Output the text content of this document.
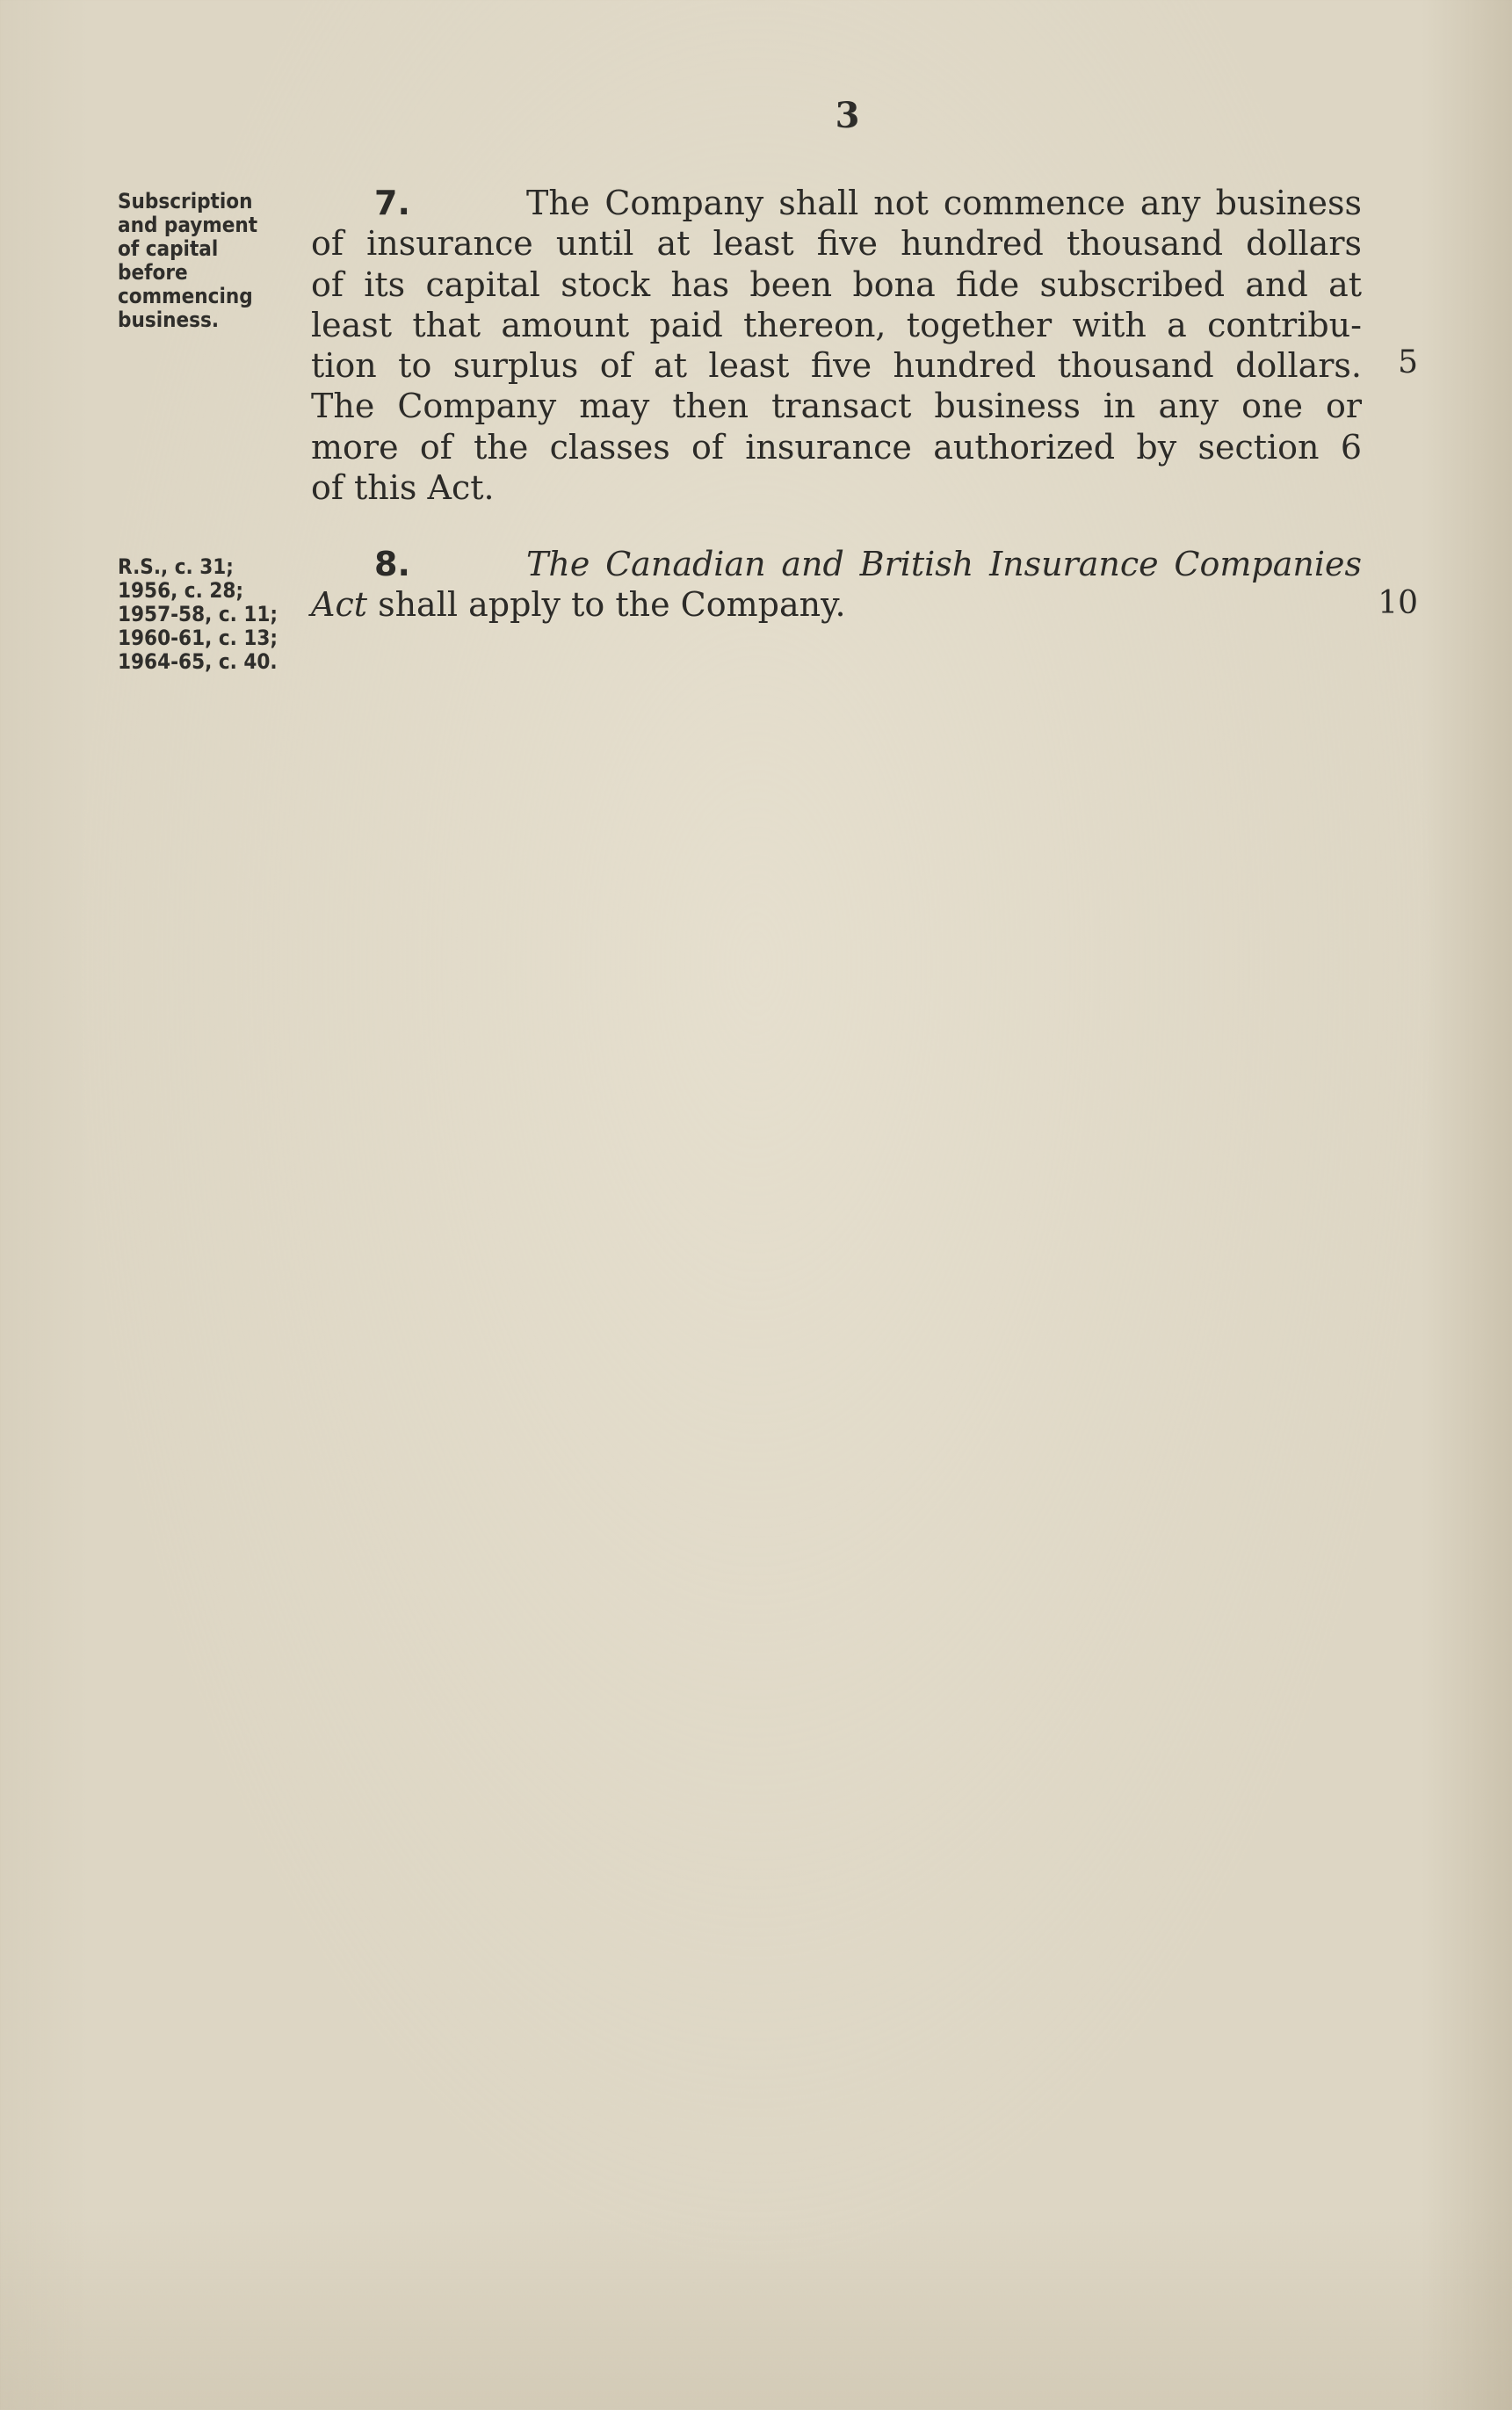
3
Subscription
and payment
of capital
before
commencing
business.
7.	The Company shall not commence any business
of insurance until at least five hundred thousand dollars
of its capital stock has been bona fide subscribed and at
least that amount paid thereon, together with a contribu-
tion to surplus of at least five hundred thousand dollars.
The Company may then transact business in any one or
more of the classes of insurance authorized by section 6
of this Act.
5
R.S., c. 31;
1956, c. 28;
1957-58, c. 11;
1960-61, c. 13;
1964-65, c. 40.
8.	The Canadian and British Insurance Companies
Act shall apply to the Company.	10
